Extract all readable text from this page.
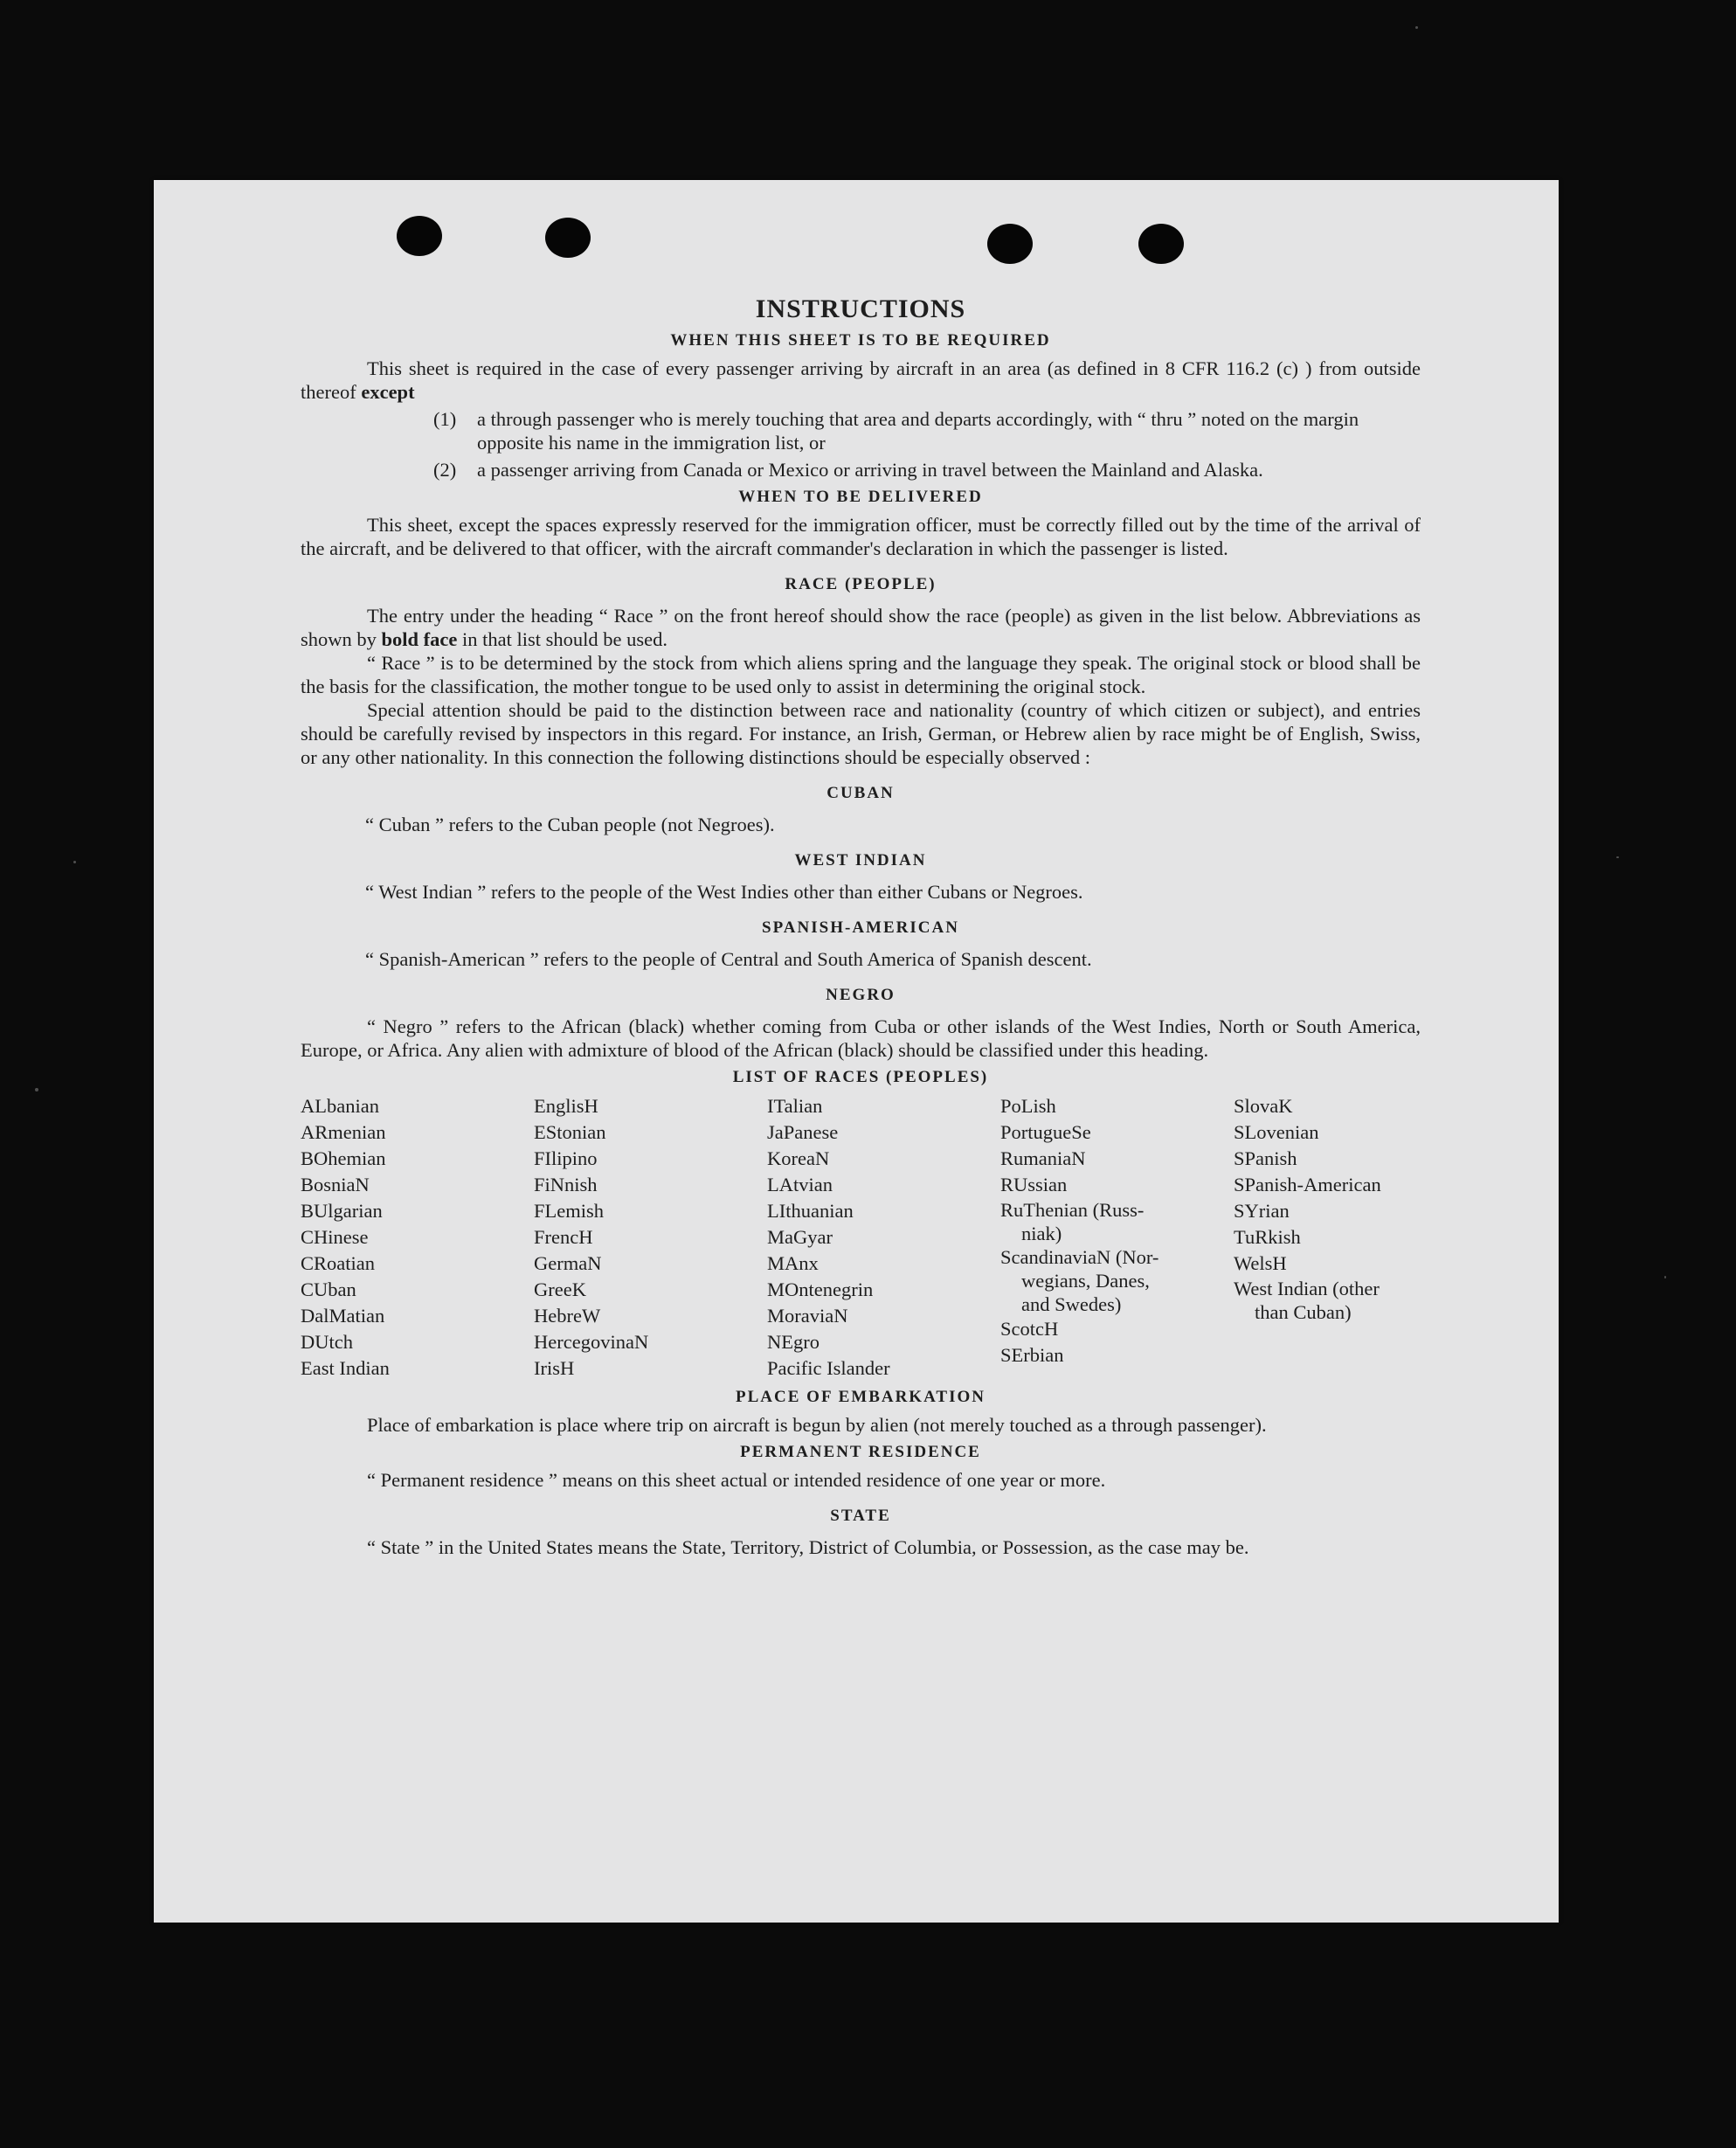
INSTRUCTIONS
WHEN THIS SHEET IS TO BE REQUIRED

This sheet is required in the case of every passenger arriving by aircraft in an area (as defined in 8 CFR 116.2 (c) ) from outside thereof except

(1)	a through passenger who is merely touching that area and departs accordingly, with “ thru ” noted on the margin opposite his name in the immigration list, or
(2)	a passenger arriving from Canada or Mexico or arriving in travel between the Mainland and Alaska.
WHEN TO BE DELIVERED

This sheet, except the spaces expressly reserved for the immigration officer, must be correctly filled out by the time of the arrival of the aircraft, and be delivered to that officer, with the aircraft commander's declaration in which the passenger is listed.

RACE (PEOPLE)

The entry under the heading “ Race ” on the front hereof should show the race (people) as given in the list below. Abbreviations as shown by bold face in that list should be used.

“ Race ” is to be determined by the stock from which aliens spring and the language they speak. The original stock or blood shall be the basis for the classification, the mother tongue to be used only to assist in determining the original stock.

Special attention should be paid to the distinction between race and nationality (country of which citizen or subject), and entries should be carefully revised by inspectors in this regard. For instance, an Irish, German, or Hebrew alien by race might be of English, Swiss, or any other nationality. In this connection the following distinctions should be especially observed :

CUBAN

“ Cuban ” refers to the Cuban people (not Negroes).

WEST INDIAN

“ West Indian ” refers to the people of the West Indies other than either Cubans or Negroes.

SPANISH-AMERICAN

“ Spanish-American ” refers to the people of Central and South America of Spanish descent.

NEGRO

“ Negro ” refers to the African (black) whether coming from Cuba or other islands of the West Indies, North or South America, Europe, or Africa. Any alien with admixture of blood of the African (black) should be classified under this heading.

LIST OF RACES (PEOPLES)
ALbanian
ARmenian
BOhemian
BosniaN
BUlgarian
CHinese
CRoatian
CUban
DalMatian
DUtch
East Indian
EnglisH
EStonian
FIlipino
FiNnish
FLemish
FrencH
GermaN
GreeK
HebreW
HercegovinaN
IrisH
ITalian
JaPanese
KoreaN
LAtvian
LIthuanian
MaGyar
MAnx
MOntenegrin
MoraviaN
NEgro
Pacific Islander
PoLish
PortugueSe
RumaniaN
RUssian
RuThenian (Russ-
niak)
ScandinaviaN (Nor-
wegians, Danes,
and Swedes)
ScotcH
SErbian
SlovaK
SLovenian
SPanish
SPanish-American
SYrian
TuRkish
WelsH
West Indian (other
than Cuban)
PLACE OF EMBARKATION

Place of embarkation is place where trip on aircraft is begun by alien (not merely touched as a through passenger).

PERMANENT RESIDENCE

“ Permanent residence ” means on this sheet actual or intended residence of one year or more.

STATE

“ State ” in the United States means the State, Territory, District of Columbia, or Possession, as the case may be.
